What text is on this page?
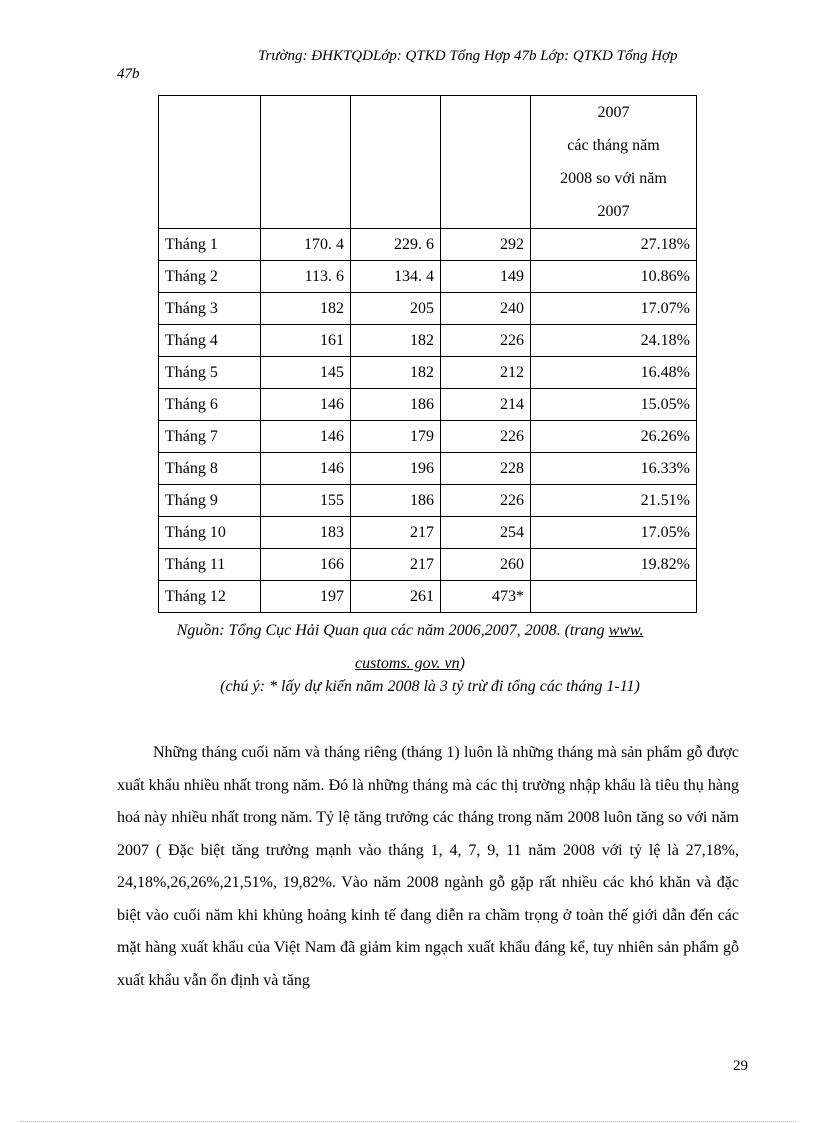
Trường: ĐHKTQDLớp: QTKD Tổng Hợp 47b Lớp: QTKD Tổng Hợp
47b

				2007
các tháng năm
2008 so với năm
2007

Tháng 1	170. 4	229. 6	292	27.18%
Tháng 2	113. 6	134. 4	149	10.86%
Tháng 3	182	205	240	17.07%
Tháng 4	161	182	226	24.18%
Tháng 5	145	182	212	16.48%
Tháng 6	146	186	214	15.05%
Tháng 7	146	179	226	26.26%
Tháng 8	146	196	228	16.33%
Tháng 9	155	186	226	21.51%
Tháng 10	183	217	254	17.05%
Tháng 11	166	217	260	19.82%
Tháng 12	197	261	473*	
Nguồn: Tổng Cục Hải Quan qua các năm 2006,2007, 2008. (trang www.
customs. gov. vn)
(chú ý: * lấy dự kiến năm 2008 là 3 tỷ trừ đi tổng các tháng 1-11)

Những tháng cuối năm và tháng riêng (tháng 1) luôn là những tháng mà sản phẩm gỗ được xuất khẩu nhiều nhất trong năm. Đó là những tháng mà các thị trường nhập khẩu là tiêu thụ hàng hoá này nhiều nhất trong năm. Tỷ lệ tăng trưởng các tháng trong năm 2008 luôn tăng so với năm 2007 ( Đặc biệt tăng trưởng mạnh vào tháng 1, 4, 7, 9, 11 năm 2008 với tỷ lệ là 27,18%, 24,18%,26,26%,21,51%, 19,82%. Vào năm 2008 ngành gỗ gặp rất nhiều các khó khăn và đặc biệt vào cuối năm khi khủng hoảng kinh tế đang diễn ra chầm trọng ở toàn thế giới dẫn đến các mặt hàng xuất khẩu của Việt Nam đã giảm kim ngạch xuất khẩu đáng kể, tuy nhiên sản phẩm gỗ xuất khẩu vẫn ổn định và tăng

29
